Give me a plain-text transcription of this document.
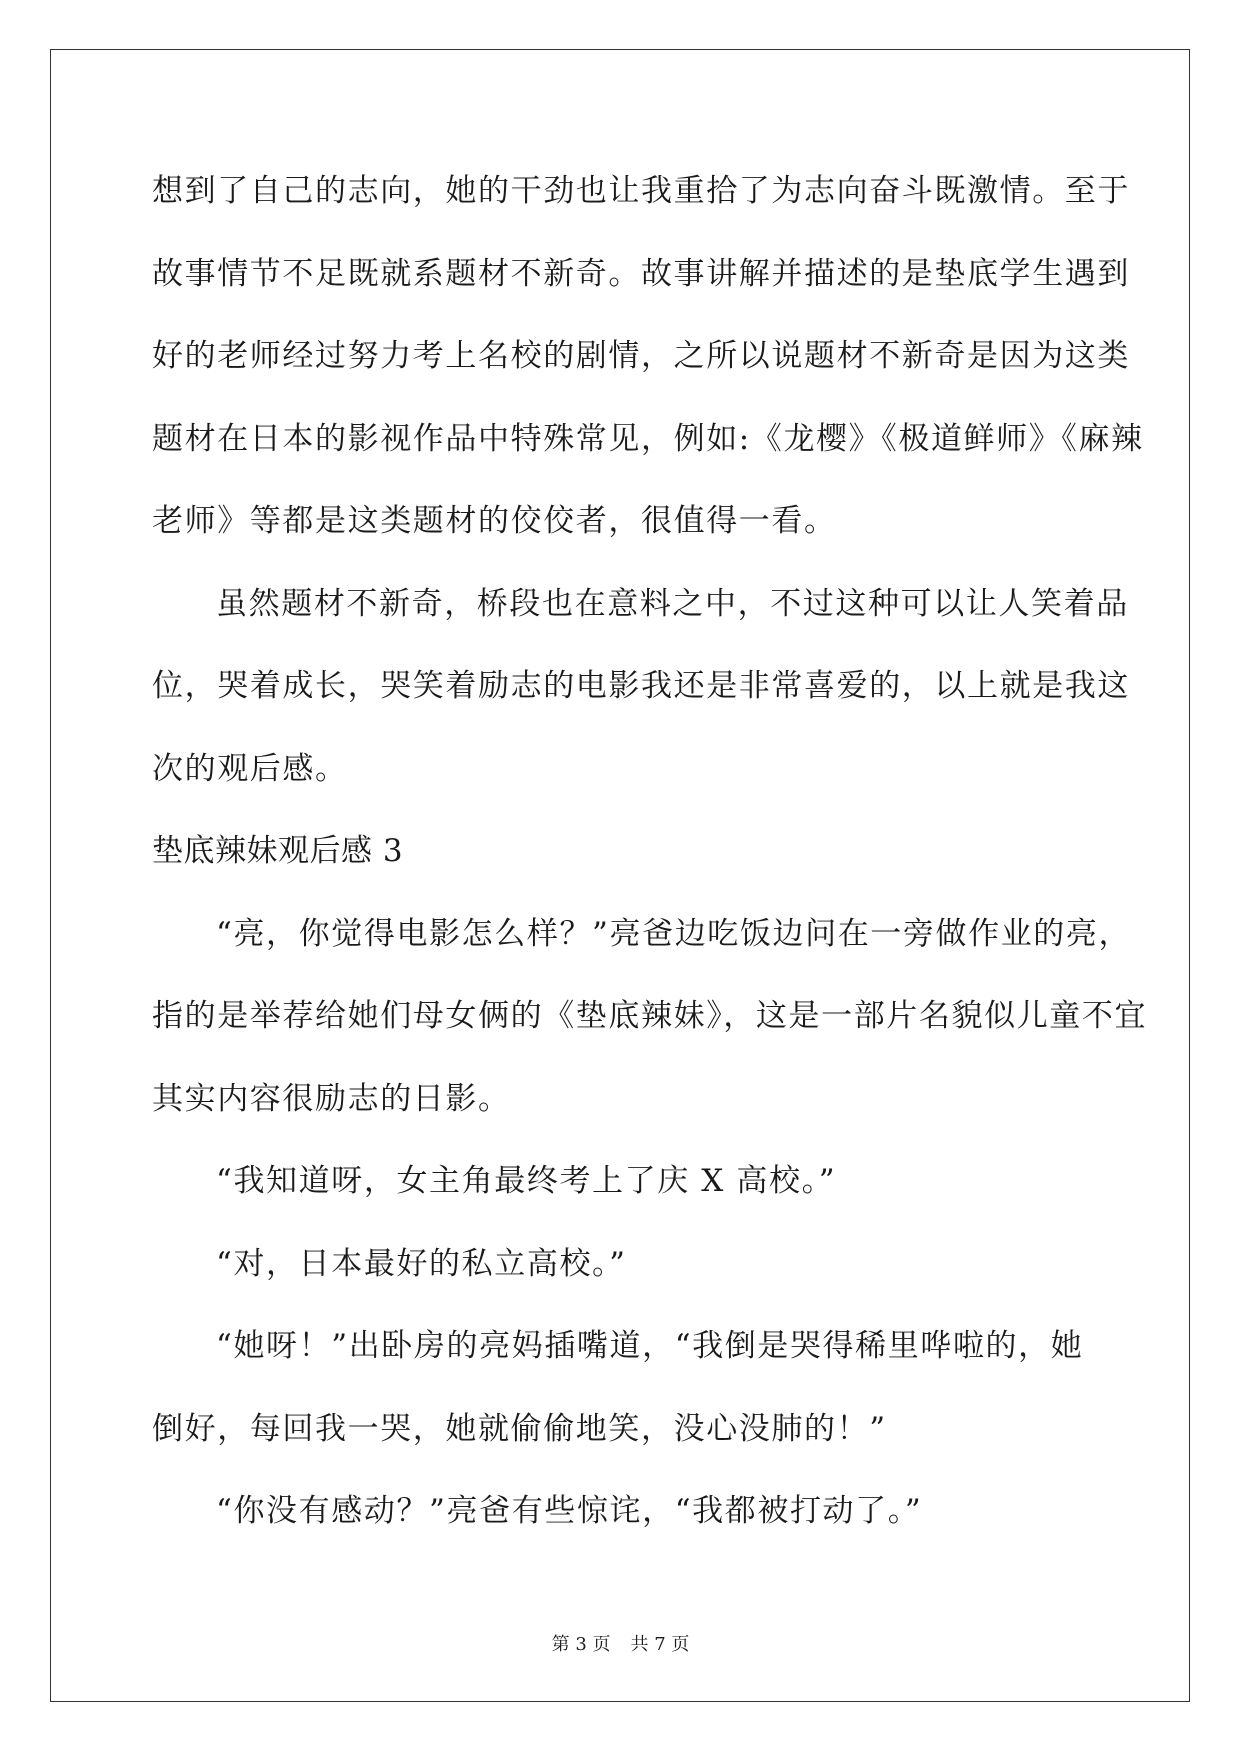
想到了自己的志向，她的干劲也让我重拾了为志向奋斗既激情。至于
故事情节不足既就系题材不新奇。故事讲解并描述的是垫底学生遇到
好的老师经过努力考上名校的剧情，之所以说题材不新奇是因为这类
题材在日本的影视作品中特殊常见，例如:《龙樱》《极道鲜师》《麻辣
老师》等都是这类题材的佼佼者，很值得一看。
虽然题材不新奇，桥段也在意料之中，不过这种可以让人笑着品
位，哭着成长，哭笑着励志的电影我还是非常喜爱的，以上就是我这
次的观后感。
垫底辣妹观后感 3
“亮，你觉得电影怎么样？”亮爸边吃饭边问在一旁做作业的亮，
指的是举荐给她们母女俩的《垫底辣妹》，这是一部片名貌似儿童不宜
其实内容很励志的日影。
“我知道呀，女主角最终考上了庆 X 高校。”
“对，日本最好的私立高校。”
“她呀！”出卧房的亮妈插嘴道，“我倒是哭得稀里哗啦的，她
倒好，每回我一哭，她就偷偷地笑，没心没肺的！”
“你没有感动？”亮爸有些惊诧，“我都被打动了。”
第 3 页 共 7 页
